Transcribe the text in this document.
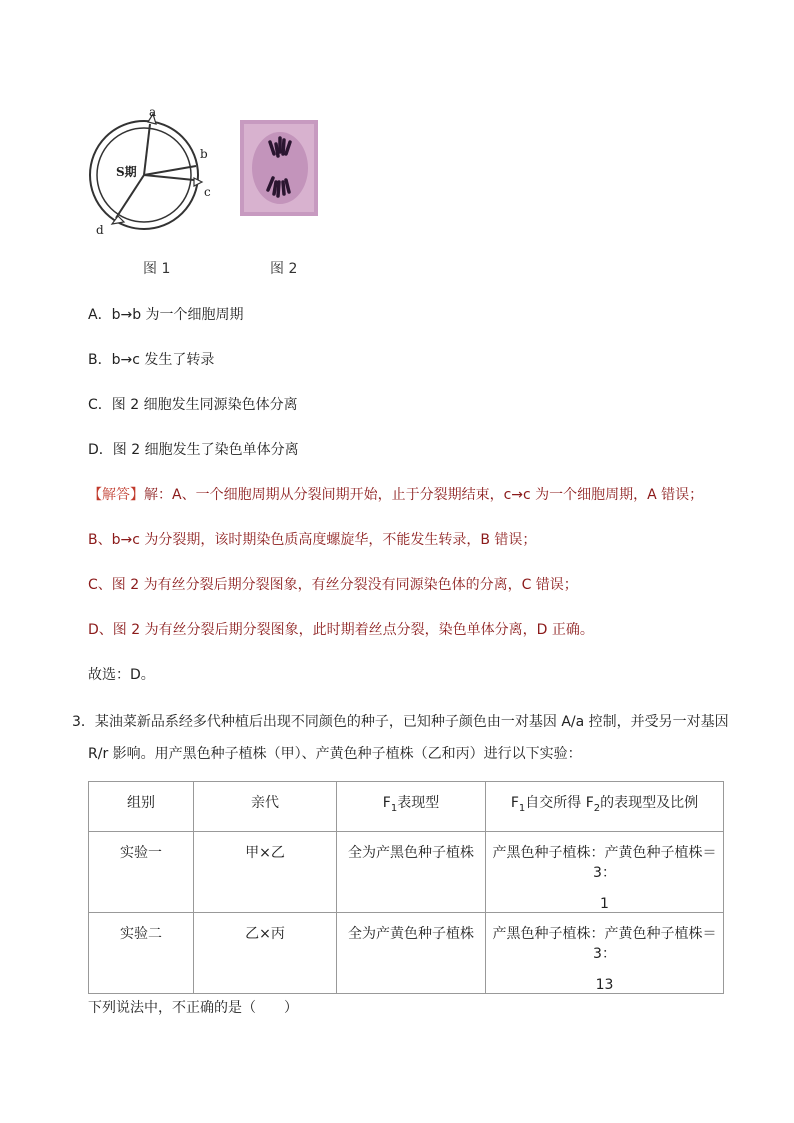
S期
a
b
c
d
图 1	图 2
A．b→b 为一个细胞周期
B．b→c 发生了转录
C．图 2 细胞发生同源染色体分离
D．图 2 细胞发生了染色单体分离
【解答】解：A、一个细胞周期从分裂间期开始，止于分裂期结束，c→c 为一个细胞周期，A 错误；
B、b→c 为分裂期，该时期染色质高度螺旋华，不能发生转录，B 错误；
C、图 2 为有丝分裂后期分裂图象，有丝分裂没有同源染色体的分离，C 错误；
D、图 2 为有丝分裂后期分裂图象，此时期着丝点分裂，染色单体分离，D 正确。
故选：D。
3．某油菜新品系经多代种植后出现不同颜色的种子，已知种子颜色由一对基因 A/a 控制，并受另一对基因
R/r 影响。用产黑色种子植株（甲）、产黄色种子植株（乙和丙）进行以下实验：
组别	亲代	$F_1$表现型	$F_1$自交所得 $F_2$的表现型及比例
实验一	甲×乙	全为产黑色种子植株	产黑色种子植株：产黄色种子植株＝3：
1

实验二	乙×丙	全为产黄色种子植株	产黑色种子植株：产黄色种子植株＝3：
13
下列说法中，不正确的是（　　）
